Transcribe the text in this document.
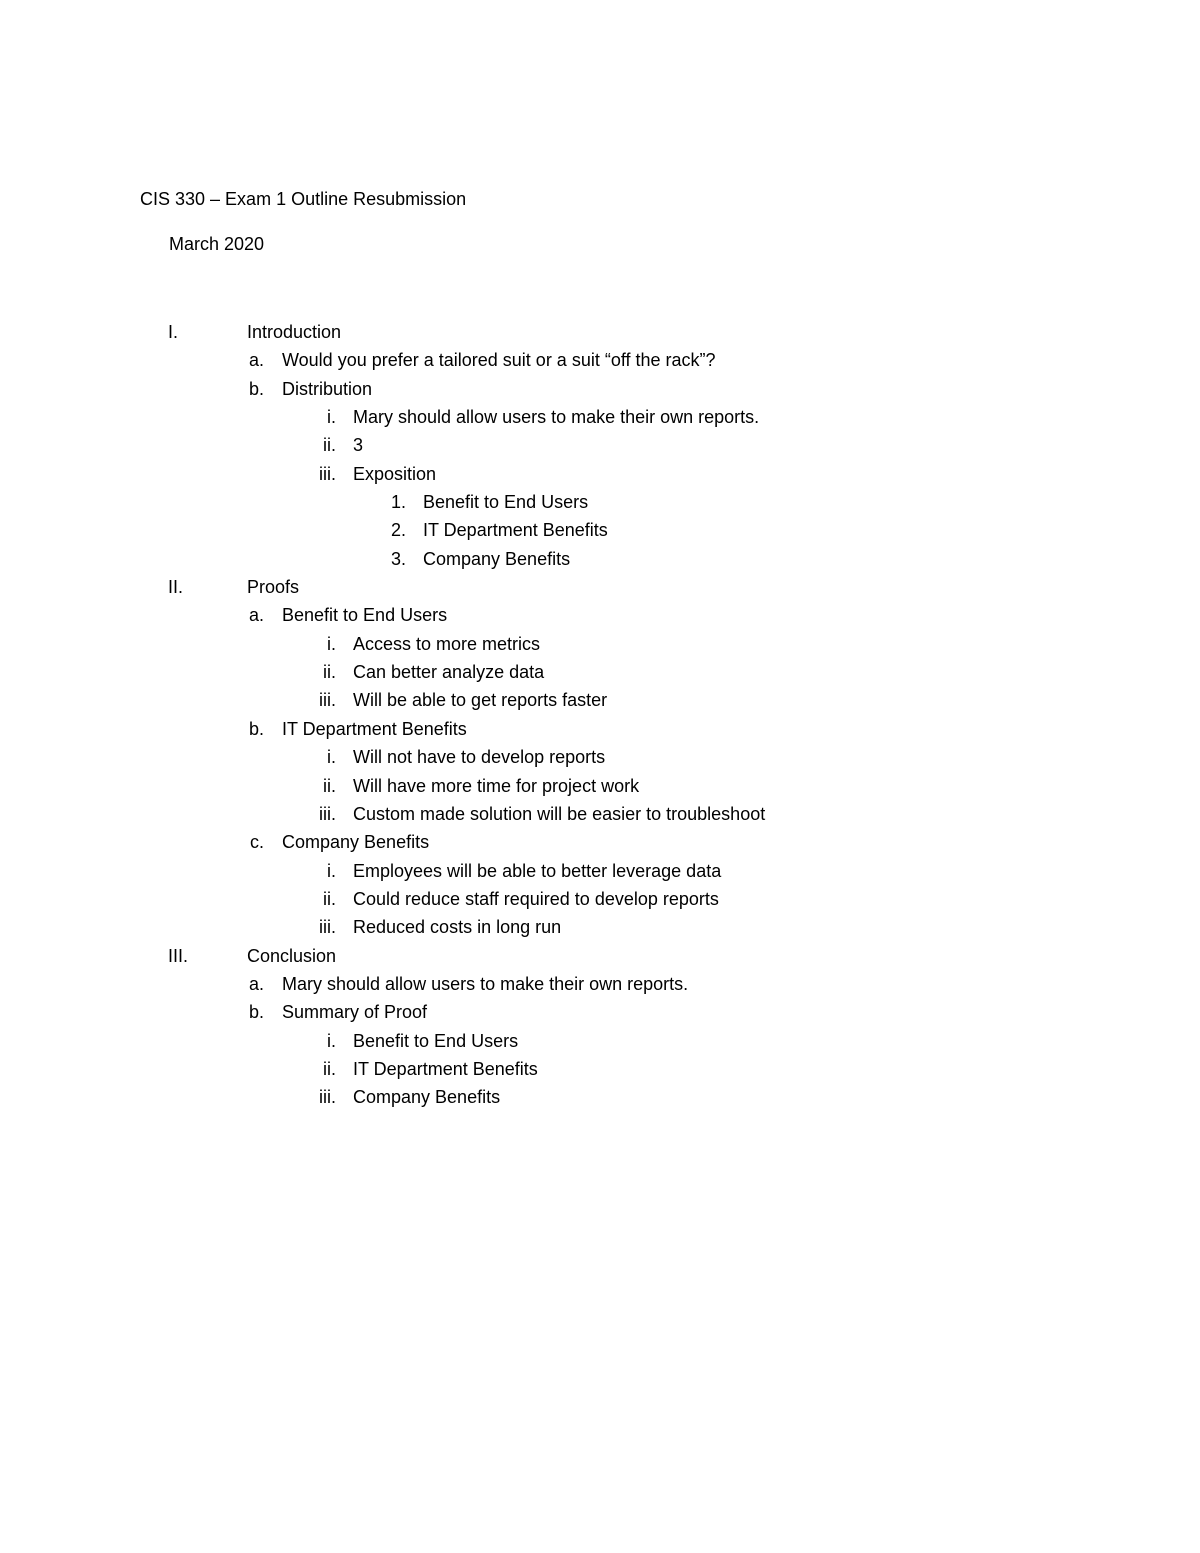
CIS 330 – Exam 1 Outline Resubmission
March 2020
I.	Introduction
a. Would you prefer a tailored suit or a suit “off the rack”?
b. Distribution
i. Mary should allow users to make their own reports.
ii. 3
iii. Exposition
1. Benefit to End Users
2. IT Department Benefits
3. Company Benefits
II.	Proofs
a. Benefit to End Users
i. Access to more metrics
ii. Can better analyze data
iii. Will be able to get reports faster
b. IT Department Benefits
i. Will not have to develop reports
ii. Will have more time for project work
iii. Custom made solution will be easier to troubleshoot
c. Company Benefits
i. Employees will be able to better leverage data
ii. Could reduce staff required to develop reports
iii. Reduced costs in long run
III.	Conclusion
a. Mary should allow users to make their own reports.
b. Summary of Proof
i. Benefit to End Users
ii. IT Department Benefits
iii. Company Benefits
